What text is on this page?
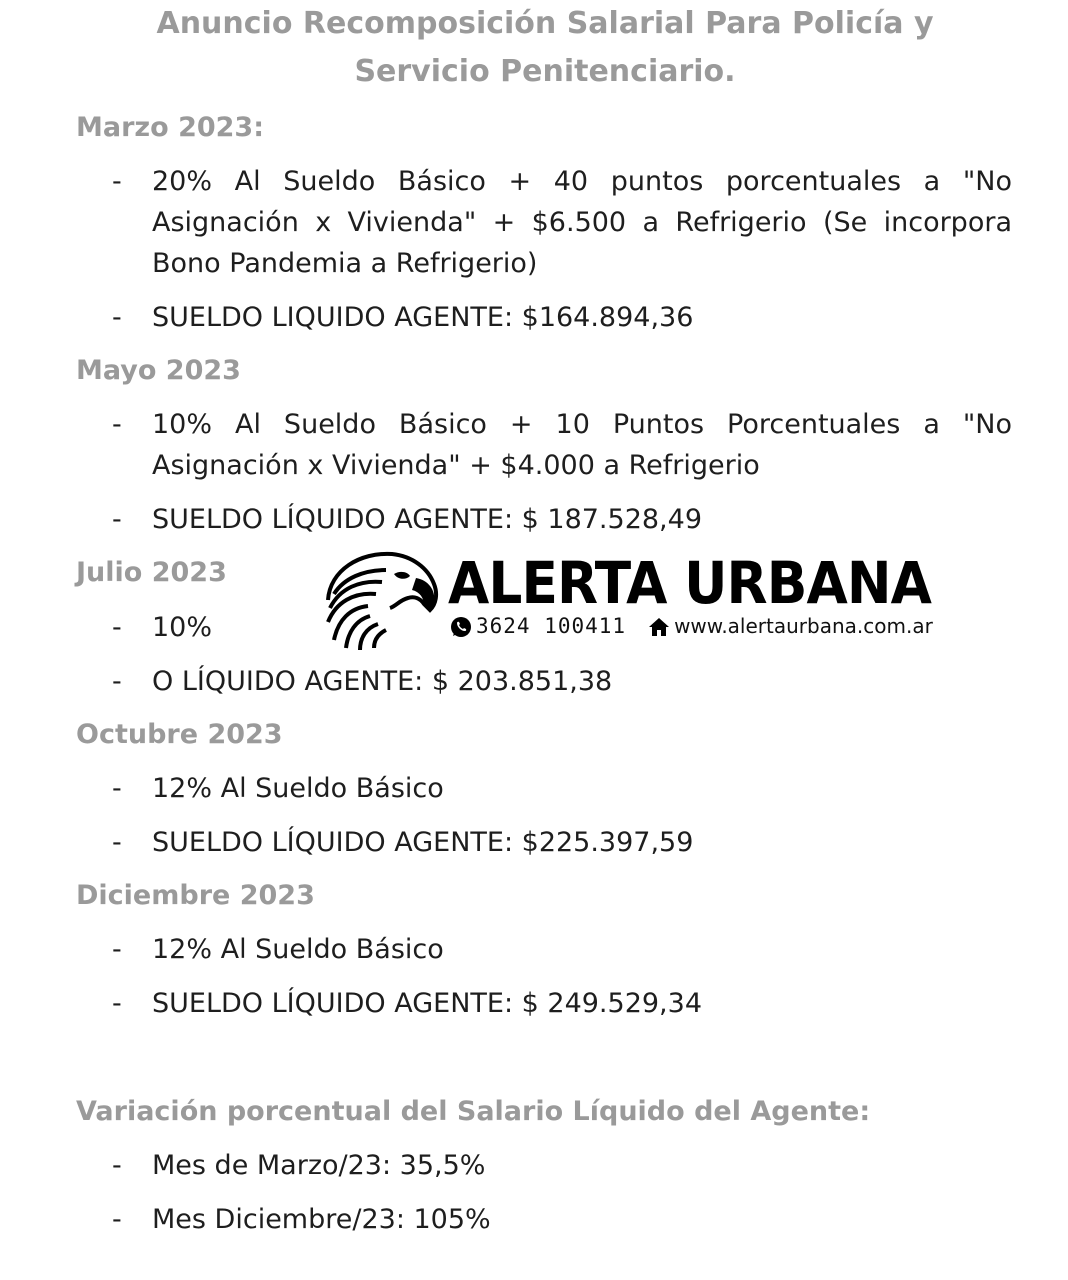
Anuncio Recomposición Salarial Para Policía y
Servicio Penitenciario.
Marzo 2023:
- 20% Al Sueldo Básico + 40 puntos porcentuales a "No Asignación x Vivienda" + $6.500 a Refrigerio (Se incorpora Bono Pandemia a Refrigerio)
- SUELDO LIQUIDO AGENTE: $164.894,36
Mayo 2023
- 10% Al Sueldo Básico + 10 Puntos Porcentuales a "No Asignación x Vivienda" + $4.000 a Refrigerio
- SUELDO LÍQUIDO AGENTE: $ 187.528,49
Julio 2023
- 10%
- O LÍQUIDO AGENTE: $ 203.851,38
Octubre 2023
- 12% Al Sueldo Básico
- SUELDO LÍQUIDO AGENTE: $225.397,59
Diciembre 2023
- 12% Al Sueldo Básico
- SUELDO LÍQUIDO AGENTE: $ 249.529,34
Variación porcentual del Salario Líquido del Agente:
- Mes de Marzo/23: 35,5%
- Mes Diciembre/23: 105%
ALERTA URBANA
3624 100411 www.alertaurbana.com.ar
